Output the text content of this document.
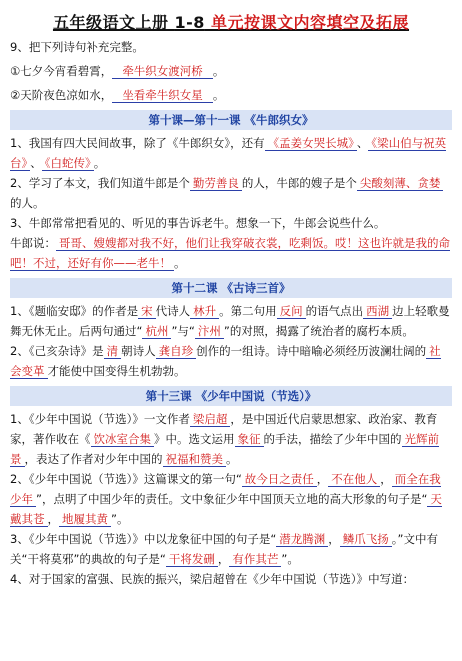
五年级语文上册 1-8 单元按课文内容填空及拓展

9、把下列诗句补充完整。

①七夕今宵看碧霄， 牵牛织女渡河桥 。

②天阶夜色凉如水， 坐看牵牛织女星 。

第十课—第十一课 《牛郎织女》

1、我国有四大民间故事，除了《牛郎织女》，还有 《孟姜女哭长城》 、 《梁山伯与祝英台》 、 《白蛇传》 。

2、学习了本文，我们知道牛郎是个 勤劳善良 的人，牛郎的嫂子是个 尖酸刻薄、贪婪的人。

3、牛郎常常把看见的、听见的事告诉老牛。想象一下，牛郎会说些什么。

牛郎说： 哥哥、嫂嫂都对我不好，他们让我穿破衣裳，吃剩饭。哎！这也许就是我的命吧！不过，还好有你——老牛！ 。

第十二课 《古诗三首》

1、《题临安邸》的作者是 宋 代诗人 林升 。第二句用 反问 的语气点出 西湖 边上轻歌曼舞无休无止。后两句通过“ 杭州 ”与“ 汴州 ”的对照，揭露了统治者的腐朽本质。

2、《己亥杂诗》是 清 朝诗人 龚自珍 创作的一组诗。诗中暗喻必须经历波澜壮阔的 社会变革 才能使中国变得生机勃勃。

第十三课 《少年中国说（节选）》

1、《少年中国说（节选）》一文作者 梁启超 ，是中国近代启蒙思想家、政治家、教育家，著作收在《 饮冰室合集 》中。选文运用 象征 的手法，描绘了少年中国的 光辉前景 ，表达了作者对少年中国的 祝福和赞美 。

2、《少年中国说（节选）》这篇课文的第一句“ 故今日之责任 ， 不在他人 ， 而全在我少年 ”，点明了中国少年的责任。文中象征少年中国顶天立地的高大形象的句子是“ 天戴其苍 ， 地履其黄 ”。

3、《少年中国说（节选）》中以龙象征中国的句子是“ 潜龙腾渊 ， 鳞爪飞扬 。”文中有关“干将莫邪”的典故的句子是“ 干将发硎 ， 有作其芒 ”。

4、对于国家的富强、民族的振兴，梁启超曾在《少年中国说（节选）》中写道：
